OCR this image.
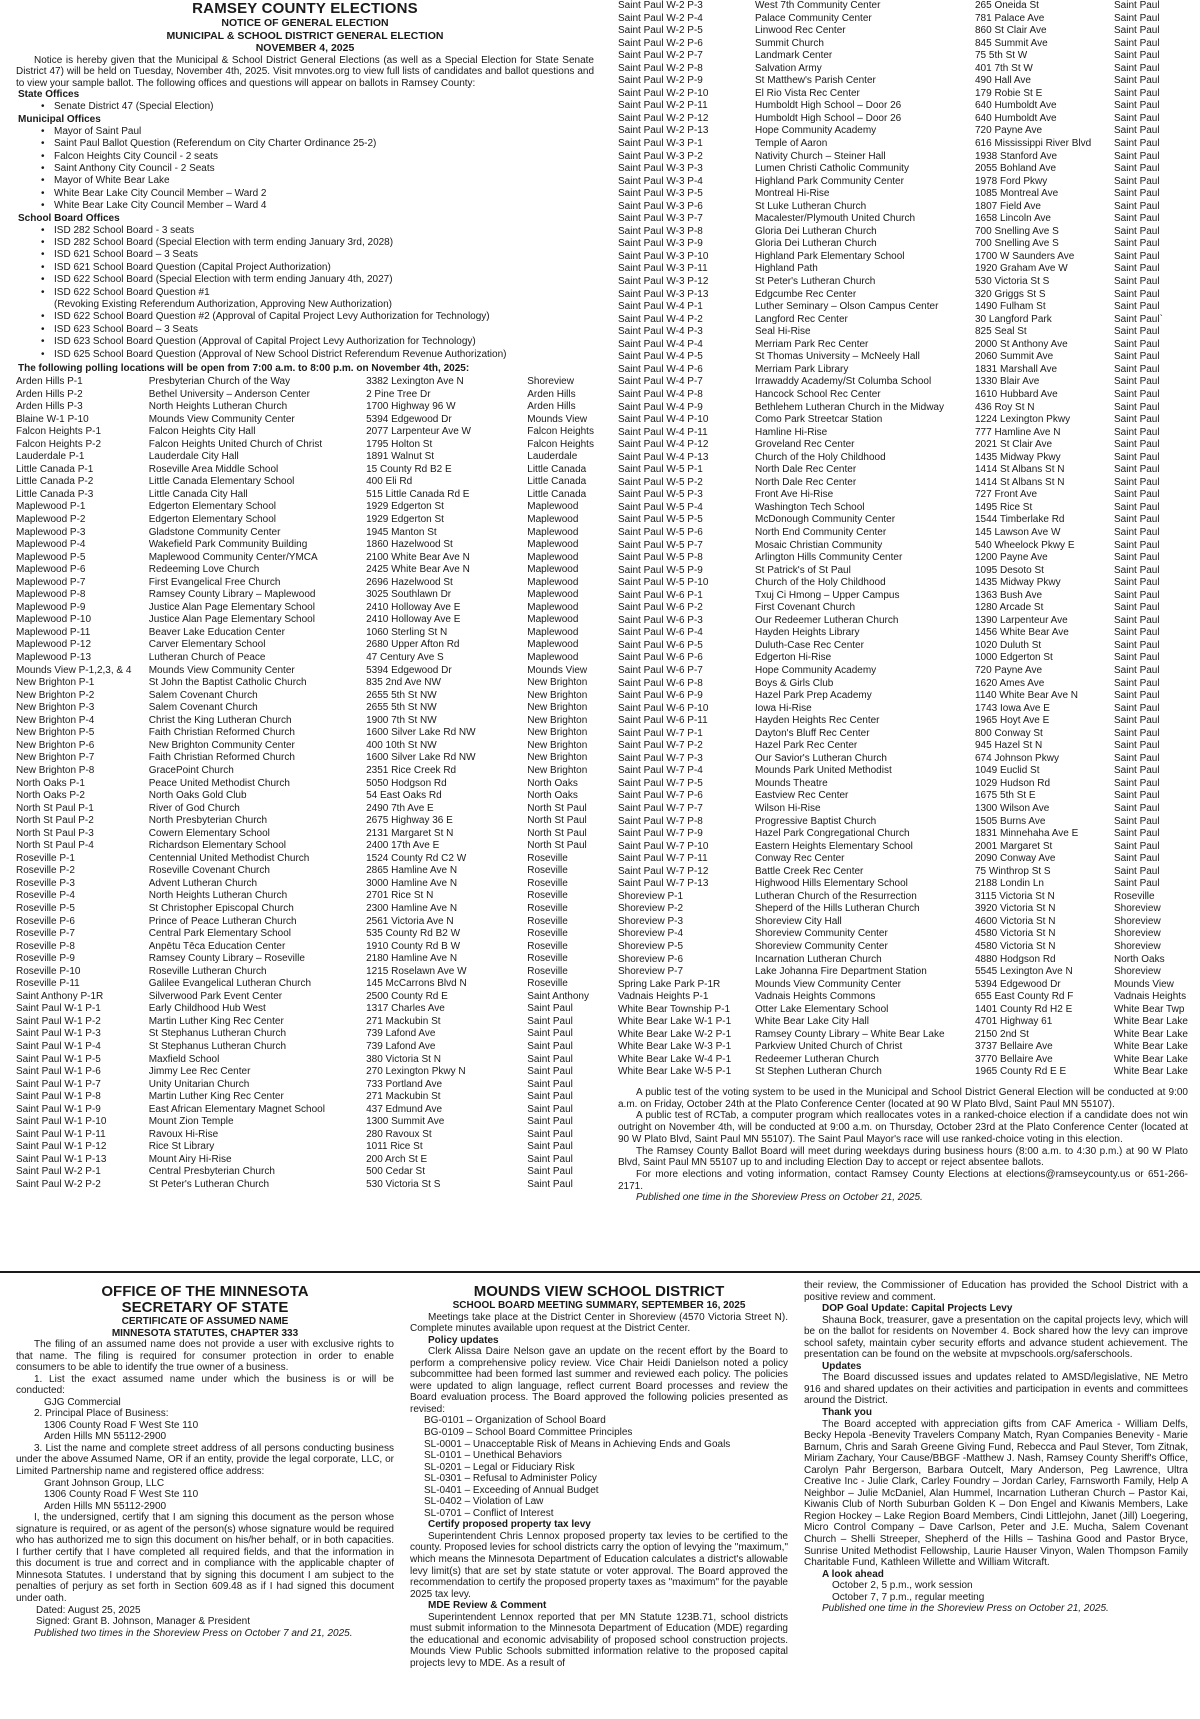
RAMSEY COUNTY ELECTIONS
NOTICE OF GENERAL ELECTION
MUNICIPAL & SCHOOL DISTRICT GENERAL ELECTION
NOVEMBER 4, 2025

Notice is hereby given that the Municipal & School District General Elections (as well as a Special Election for State Senate District 47) will be held on Tuesday, November 4th, 2025. Visit mnvotes.org to view full lists of candidates and ballot questions and to view your sample ballot. The following offices and questions will appear on ballots in Ramsey County:

State Offices
• Senate District 47 (Special Election)
Municipal Offices
• Mayor of Saint Paul
• Saint Paul Ballot Question (Referendum on City Charter Ordinance 25-2)
• Falcon Heights City Council - 2 seats
• Saint Anthony City Council - 2 Seats
• Mayor of White Bear Lake
• White Bear Lake City Council Member – Ward 2
• White Bear Lake City Council Member – Ward 4
School Board Offices
• ISD 282 School Board - 3 seats
• ISD 282 School Board (Special Election with term ending January 3rd, 2028)
• ISD 621 School Board – 3 Seats
• ISD 621 School Board Question (Capital Project Authorization)
• ISD 622 School Board (Special Election with term ending January 4th, 2027)
• ISD 622 School Board Question #1
(Revoking Existing Referendum Authorization, Approving New Authorization)
• ISD 622 School Board Question #2 (Approval of Capital Project Levy Authorization for Technology)
• ISD 623 School Board – 3 Seats
• ISD 623 School Board Question (Approval of Capital Project Levy Authorization for Technology)
• ISD 625 School Board Question (Approval of New School District Referendum Revenue Authorization)
The following polling locations will be open from 7:00 a.m. to 8:00 p.m. on November 4th, 2025:
Arden Hills P-1	Presbyterian Church of the Way	3382 Lexington Ave N	Shoreview
Arden Hills P-2	Bethel University – Anderson Center	2 Pine Tree Dr	Arden Hills
Arden Hills P-3	North Heights Lutheran Church	1700 Highway 96 W	Arden Hills
Blaine W-1 P-10	Mounds View Community Center	5394 Edgewood Dr	Mounds View
Falcon Heights P-1	Falcon Heights City Hall	2077 Larpenteur Ave W	Falcon Heights
Falcon Heights P-2	Falcon Heights United Church of Christ	1795 Holton St	Falcon Heights
Lauderdale P-1	Lauderdale City Hall	1891 Walnut St	Lauderdale
Little Canada P-1	Roseville Area Middle School	15 County Rd B2 E	Little Canada
Little Canada P-2	Little Canada Elementary School	400 Eli Rd	Little Canada
Little Canada P-3	Little Canada City Hall	515 Little Canada Rd E	Little Canada
Maplewood P-1	Edgerton Elementary School	1929 Edgerton St	Maplewood
Maplewood P-2	Edgerton Elementary School	1929 Edgerton St	Maplewood
Maplewood P-3	Gladstone Community Center	1945 Manton St	Maplewood
Maplewood P-4	Wakefield Park Community Building	1860 Hazelwood St	Maplewood
Maplewood P-5	Maplewood Community Center/YMCA	2100 White Bear Ave N	Maplewood
Maplewood P-6	Redeeming Love Church	2425 White Bear Ave N	Maplewood
Maplewood P-7	First Evangelical Free Church	2696 Hazelwood St	Maplewood
Maplewood P-8	Ramsey County Library – Maplewood	3025 Southlawn Dr	Maplewood
Maplewood P-9	Justice Alan Page Elementary School	2410 Holloway Ave E	Maplewood
Maplewood P-10	Justice Alan Page Elementary School	2410 Holloway Ave E	Maplewood
Maplewood P-11	Beaver Lake Education Center	1060 Sterling St N	Maplewood
Maplewood P-12	Carver Elementary School	2680 Upper Afton Rd	Maplewood
Maplewood P-13	Lutheran Church of Peace	47 Century Ave S	Maplewood
Mounds View P-1,2,3, & 4	Mounds View Community Center	5394 Edgewood Dr	Mounds View
New Brighton P-1	St John the Baptist Catholic Church	835 2nd Ave NW	New Brighton
New Brighton P-2	Salem Covenant Church	2655 5th St NW	New Brighton
New Brighton P-3	Salem Covenant Church	2655 5th St NW	New Brighton
New Brighton P-4	Christ the King Lutheran Church	1900 7th St NW	New Brighton
New Brighton P-5	Faith Christian Reformed Church	1600 Silver Lake Rd NW	New Brighton
New Brighton P-6	New Brighton Community Center	400 10th St NW	New Brighton
New Brighton P-7	Faith Christian Reformed Church	1600 Silver Lake Rd NW	New Brighton
New Brighton P-8	GracePoint Church	2351 Rice Creek Rd	New Brighton
North Oaks P-1	Peace United Methodist Church	5050 Hodgson Rd	North Oaks
North Oaks P-2	North Oaks Gold Club	54 East Oaks Rd	North Oaks
North St Paul P-1	River of God Church	2490 7th Ave E	North St Paul
North St Paul P-2	North Presbyterian Church	2675 Highway 36 E	North St Paul
North St Paul P-3	Cowern Elementary School	2131 Margaret St N	North St Paul
North St Paul P-4	Richardson Elementary School	2400 17th Ave E	North St Paul
Roseville P-1	Centennial United Methodist Church	1524 County Rd C2 W	Roseville
Roseville P-2	Roseville Covenant Church	2865 Hamline Ave N	Roseville
Roseville P-3	Advent Lutheran Church	3000 Hamline Ave N	Roseville
Roseville P-4	North Heights Lutheran Church	2701 Rice St N	Roseville
Roseville P-5	St Christopher Episcopal Church	2300 Hamline Ave N	Roseville
Roseville P-6	Prince of Peace Lutheran Church	2561 Victoria Ave N	Roseville
Roseville P-7	Central Park Elementary School	535 County Rd B2 W	Roseville
Roseville P-8	Anpētu Tēca Education Center	1910 County Rd B W	Roseville
Roseville P-9	Ramsey County Library – Roseville	2180 Hamline Ave N	Roseville
Roseville P-10	Roseville Lutheran Church	1215 Roselawn Ave W	Roseville
Roseville P-11	Galilee Evangelical Lutheran Church	145 McCarrons Blvd N	Roseville
Saint Anthony P-1R	Silverwood Park Event Center	2500 County Rd E	Saint Anthony
Saint Paul W-1 P-1	Early Childhood Hub West	1317 Charles Ave	Saint Paul
Saint Paul W-1 P-2	Martin Luther King Rec Center	271 Mackubin St	Saint Paul
Saint Paul W-1 P-3	St Stephanus Lutheran Church	739 Lafond Ave	Saint Paul
Saint Paul W-1 P-4	St Stephanus Lutheran Church	739 Lafond Ave	Saint Paul
Saint Paul W-1 P-5	Maxfield School	380 Victoria St N	Saint Paul
Saint Paul W-1 P-6	Jimmy Lee Rec Center	270 Lexington Pkwy N	Saint Paul
Saint Paul W-1 P-7	Unity Unitarian Church	733 Portland Ave	Saint Paul
Saint Paul W-1 P-8	Martin Luther King Rec Center	271 Mackubin St	Saint Paul
Saint Paul W-1 P-9	East African Elementary Magnet School	437 Edmund Ave	Saint Paul
Saint Paul W-1 P-10	Mount Zion Temple	1300 Summit Ave	Saint Paul
Saint Paul W-1 P-11	Ravoux Hi-Rise	280 Ravoux St	Saint Paul
Saint Paul W-1 P-12	Rice St Library	1011 Rice St	Saint Paul
Saint Paul W-1 P-13	Mount Airy Hi-Rise	200 Arch St E	Saint Paul
Saint Paul W-2 P-1	Central Presbyterian Church	500 Cedar St	Saint Paul
Saint Paul W-2 P-2	St Peter's Lutheran Church	530 Victoria St S	Saint Paul
Saint Paul W-2 P-3	West 7th Community Center	265 Oneida St	Saint Paul
Saint Paul W-2 P-4	Palace Community Center	781 Palace Ave	Saint Paul
Saint Paul W-2 P-5	Linwood Rec Center	860 St Clair Ave	Saint Paul
Saint Paul W-2 P-6	Summit Church	845 Summit Ave	Saint Paul
Saint Paul W-2 P-7	Landmark Center	75 5th St W	Saint Paul
Saint Paul W-2 P-8	Salvation Army	401 7th St W	Saint Paul
Saint Paul W-2 P-9	St Matthew's Parish Center	490 Hall Ave	Saint Paul
Saint Paul W-2 P-10	El Rio Vista Rec Center	179 Robie St E	Saint Paul
Saint Paul W-2 P-11	Humboldt High School – Door 26	640 Humboldt Ave	Saint Paul
Saint Paul W-2 P-12	Humboldt High School – Door 26	640 Humboldt Ave	Saint Paul
Saint Paul W-2 P-13	Hope Community Academy	720 Payne Ave	Saint Paul
Saint Paul W-3 P-1	Temple of Aaron	616 Mississippi River Blvd	Saint Paul
Saint Paul W-3 P-2	Nativity Church – Steiner Hall	1938 Stanford Ave	Saint Paul
Saint Paul W-3 P-3	Lumen Christi Catholic Community	2055 Bohland Ave	Saint Paul
Saint Paul W-3 P-4	Highland Park Community Center	1978 Ford Pkwy	Saint Paul
Saint Paul W-3 P-5	Montreal Hi-Rise	1085 Montreal Ave	Saint Paul
Saint Paul W-3 P-6	St Luke Lutheran Church	1807 Field Ave	Saint Paul
Saint Paul W-3 P-7	Macalester/Plymouth United Church	1658 Lincoln Ave	Saint Paul
Saint Paul W-3 P-8	Gloria Dei Lutheran Church	700 Snelling Ave S	Saint Paul
Saint Paul W-3 P-9	Gloria Dei Lutheran Church	700 Snelling Ave S	Saint Paul
Saint Paul W-3 P-10	Highland Park Elementary School	1700 W Saunders Ave	Saint Paul
Saint Paul W-3 P-11	Highland Path	1920 Graham Ave W	Saint Paul
Saint Paul W-3 P-12	St Peter's Lutheran Church	530 Victoria St S	Saint Paul
Saint Paul W-3 P-13	Edgcumbe Rec Center	320 Griggs St S	Saint Paul
Saint Paul W-4 P-1	Luther Seminary – Olson Campus Center	1490 Fulham St	Saint Paul
Saint Paul W-4 P-2	Langford Rec Center	30 Langford Park	Saint Paul`
Saint Paul W-4 P-3	Seal Hi-Rise	825 Seal St	Saint Paul
Saint Paul W-4 P-4	Merriam Park Rec Center	2000 St Anthony Ave	Saint Paul
Saint Paul W-4 P-5	St Thomas University – McNeely Hall	2060 Summit Ave	Saint Paul
Saint Paul W-4 P-6	Merriam Park Library	1831 Marshall Ave	Saint Paul
Saint Paul W-4 P-7	Irrawaddy Academy/St Columba School	1330 Blair Ave	Saint Paul
Saint Paul W-4 P-8	Hancock School Rec Center	1610 Hubbard Ave	Saint Paul
Saint Paul W-4 P-9	Bethlehem Lutheran Church in the Midway	436 Roy St N	Saint Paul
Saint Paul W-4 P-10	Como Park Streetcar Station	1224 Lexington Pkwy	Saint Paul
Saint Paul W-4 P-11	Hamline Hi-Rise	777 Hamline Ave N	Saint Paul
Saint Paul W-4 P-12	Groveland Rec Center	2021 St Clair Ave	Saint Paul
Saint Paul W-4 P-13	Church of the Holy Childhood	1435 Midway Pkwy	Saint Paul
Saint Paul W-5 P-1	North Dale Rec Center	1414 St Albans St N	Saint Paul
Saint Paul W-5 P-2	North Dale Rec Center	1414 St Albans St N	Saint Paul
Saint Paul W-5 P-3	Front Ave Hi-Rise	727 Front Ave	Saint Paul
Saint Paul W-5 P-4	Washington Tech School	1495 Rice St	Saint Paul
Saint Paul W-5 P-5	McDonough Community Center	1544 Timberlake Rd	Saint Paul
Saint Paul W-5 P-6	North End Community Center	145 Lawson Ave W	Saint Paul
Saint Paul W-5 P-7	Mosaic Christian Community	540 Wheelock Pkwy E	Saint Paul
Saint Paul W-5 P-8	Arlington Hills Community Center	1200 Payne Ave	Saint Paul
Saint Paul W-5 P-9	St Patrick's of St Paul	1095 Desoto St	Saint Paul
Saint Paul W-5 P-10	Church of the Holy Childhood	1435 Midway Pkwy	Saint Paul
Saint Paul W-6 P-1	Txuj Ci Hmong – Upper Campus	1363 Bush Ave	Saint Paul
Saint Paul W-6 P-2	First Covenant Church	1280 Arcade St	Saint Paul
Saint Paul W-6 P-3	Our Redeemer Lutheran Church	1390 Larpenteur Ave	Saint Paul
Saint Paul W-6 P-4	Hayden Heights Library	1456 White Bear Ave	Saint Paul
Saint Paul W-6 P-5	Duluth-Case Rec Center	1020 Duluth St	Saint Paul
Saint Paul W-6 P-6	Edgerton Hi-Rise	1000 Edgerton St	Saint Paul
Saint Paul W-6 P-7	Hope Community Academy	720 Payne Ave	Saint Paul
Saint Paul W-6 P-8	Boys & Girls Club	1620 Ames Ave	Saint Paul
Saint Paul W-6 P-9	Hazel Park Prep Academy	1140 White Bear Ave N	Saint Paul
Saint Paul W-6 P-10	Iowa Hi-Rise	1743 Iowa Ave E	Saint Paul
Saint Paul W-6 P-11	Hayden Heights Rec Center	1965 Hoyt Ave E	Saint Paul
Saint Paul W-7 P-1	Dayton's Bluff Rec Center	800 Conway St	Saint Paul
Saint Paul W-7 P-2	Hazel Park Rec Center	945 Hazel St N	Saint Paul
Saint Paul W-7 P-3	Our Savior's Lutheran Church	674 Johnson Pkwy	Saint Paul
Saint Paul W-7 P-4	Mounds Park United Methodist	1049 Euclid St	Saint Paul
Saint Paul W-7 P-5	Mounds Theatre	1029 Hudson Rd	Saint Paul
Saint Paul W-7 P-6	Eastview Rec Center	1675 5th St E	Saint Paul
Saint Paul W-7 P-7	Wilson Hi-Rise	1300 Wilson Ave	Saint Paul
Saint Paul W-7 P-8	Progressive Baptist Church	1505 Burns Ave	Saint Paul
Saint Paul W-7 P-9	Hazel Park Congregational Church	1831 Minnehaha Ave E	Saint Paul
Saint Paul W-7 P-10	Eastern Heights Elementary School	2001 Margaret St	Saint Paul
Saint Paul W-7 P-11	Conway Rec Center	2090 Conway Ave	Saint Paul
Saint Paul W-7 P-12	Battle Creek Rec Center	75 Winthrop St S	Saint Paul
Saint Paul W-7 P-13	Highwood Hills Elementary School	2188 Londin Ln	Saint Paul
Shoreview P-1	Lutheran Church of the Resurrection	3115 Victoria St N	Roseville
Shoreview P-2	Sheperd of the Hills Lutheran Church	3920 Victoria St N	Shoreview
Shoreview P-3	Shoreview City Hall	4600 Victoria St N	Shoreview
Shoreview P-4	Shoreview Community Center	4580 Victoria St N	Shoreview
Shoreview P-5	Shoreview Community Center	4580 Victoria St N	Shoreview
Shoreview P-6	Incarnation Lutheran Church	4880 Hodgson Rd	North Oaks
Shoreview P-7	Lake Johanna Fire Department Station	5545 Lexington Ave N	Shoreview
Spring Lake Park P-1R	Mounds View Community Center	5394 Edgewood Dr	Mounds View
Vadnais Heights P-1	Vadnais Heights Commons	655 East County Rd F	Vadnais Heights
White Bear Township P-1	Otter Lake Elementary School	1401 County Rd H2 E	White Bear Twp
White Bear Lake W-1 P-1	White Bear Lake City Hall	4701 Highway 61	White Bear Lake
White Bear Lake W-2 P-1	Ramsey County Library – White Bear Lake	2150 2nd St	White Bear Lake
White Bear Lake W-3 P-1	Parkview United Church of Christ	3737 Bellaire Ave	White Bear Lake
White Bear Lake W-4 P-1	Redeemer Lutheran Church	3770 Bellaire Ave	White Bear Lake
White Bear Lake W-5 P-1	St Stephen Lutheran Church	1965 County Rd E E	White Bear Lake

A public test of the voting system to be used in the Municipal and School District General Election will be conducted at 9:00 a.m. on Friday, October 24th at the Plato Conference Center (located at 90 W Plato Blvd, Saint Paul MN 55107).

A public test of RCTab, a computer program which reallocates votes in a ranked-choice election if a candidate does not win outright on November 4th, will be conducted at 9:00 a.m. on Thursday, October 23rd at the Plato Conference Center (located at 90 W Plato Blvd, Saint Paul MN 55107). The Saint Paul Mayor's race will use ranked-choice voting in this election.

The Ramsey County Ballot Board will meet during weekdays during business hours (8:00 a.m. to 4:30 p.m.) at 90 W Plato Blvd, Saint Paul MN 55107 up to and including Election Day to accept or reject absentee ballots.

For more elections and voting information, contact Ramsey County Elections at elections@ramseycounty.us or 651-266-2171.

Published one time in the Shoreview Press on October 21, 2025.

OFFICE OF THE MINNESOTA
SECRETARY OF STATE
CERTIFICATE OF ASSUMED NAME
MINNESOTA STATUTES, CHAPTER 333

The filing of an assumed name does not provide a user with exclusive rights to that name. The filing is required for consumer protection in order to enable consumers to be able to identify the true owner of a business.

1. List the exact assumed name under which the business is or will be conducted:

GJG Commercial

2. Principal Place of Business:

1306 County Road F West Ste 110

Arden Hills MN 55112-2900

3. List the name and complete street address of all persons conducting business under the above Assumed Name, OR if an entity, provide the legal corporate, LLC, or Limited Partnership name and registered office address:

Grant Johnson Group, LLC

1306 County Road F West Ste 110

Arden Hills MN 55112-2900

I, the undersigned, certify that I am signing this document as the person whose signature is required, or as agent of the person(s) whose signature would be required who has authorized me to sign this document on his/her behalf, or in both capacities. I further certify that I have completed all required fields, and that the information in this document is true and correct and in compliance with the applicable chapter of Minnesota Statutes. I understand that by signing this document I am subject to the penalties of perjury as set forth in Section 609.48 as if I had signed this document under oath.

Dated: August 25, 2025

Signed: Grant B. Johnson, Manager & President

Published two times in the Shoreview Press on October 7 and 21, 2025.

MOUNDS VIEW SCHOOL DISTRICT
SCHOOL BOARD MEETING SUMMARY, SEPTEMBER 16, 2025

Meetings take place at the District Center in Shoreview (4570 Victoria Street N). Complete minutes available upon request at the District Center.

Policy updates

Clerk Alissa Daire Nelson gave an update on the recent effort by the Board to perform a comprehensive policy review. Vice Chair Heidi Danielson noted a policy subcommittee had been formed last summer and reviewed each policy. The policies were updated to align language, reflect current Board processes and review the Board evaluation process. The Board approved the following policies presented as revised:

BG-0101 – Organization of School Board

BG-0109 – School Board Committee Principles

SL-0001 – Unacceptable Risk of Means in Achieving Ends and Goals

SL-0101 – Unethical Behaviors

SL-0201 – Legal or Fiduciary Risk

SL-0301 – Refusal to Administer Policy

SL-0401 – Exceeding of Annual Budget

SL-0402 – Violation of Law

SL-0701 – Conflict of Interest

Certify proposed property tax levy

Superintendent Chris Lennox proposed property tax levies to be certified to the county. Proposed levies for school districts carry the option of levying the "maximum," which means the Minnesota Department of Education calculates a district's allowable levy limit(s) that are set by state statute or voter approval. The Board approved the recommendation to certify the proposed property taxes as "maximum" for the payable 2025 tax levy.

MDE Review & Comment

Superintendent Lennox reported that per MN Statute 123B.71, school districts must submit information to the Minnesota Department of Education (MDE) regarding the educational and economic advisability of proposed school construction projects. Mounds View Public Schools submitted information relative to the proposed capital projects levy to MDE. As a result of

their review, the Commissioner of Education has provided the School District with a positive review and comment.

DOP Goal Update: Capital Projects Levy

Shauna Bock, treasurer, gave a presentation on the capital projects levy, which will be on the ballot for residents on November 4. Bock shared how the levy can improve school safety, maintain cyber security efforts and advance student achievement. The presentation can be found on the website at mvpschools.org/saferschools.

Updates

The Board discussed issues and updates related to AMSD/legislative, NE Metro 916 and shared updates on their activities and participation in events and committees around the District.

Thank you

The Board accepted with appreciation gifts from CAF America - William Delfs, Becky Hepola -Benevity Travelers Company Match, Ryan Companies Benevity - Marie Barnum, Chris and Sarah Greene Giving Fund, Rebecca and Paul Stever, Tom Zitnak, Miriam Zachary, Your Cause/BBGF -Matthew J. Nash, Ramsey County Sheriff's Office, Carolyn Pahr Bergerson, Barbara Outcelt, Mary Anderson, Peg Lawrence, Ultra Creative Inc - Julie Clark, Carley Foundry – Jordan Carley, Farnsworth Family, Help A Neighbor – Julie McDaniel, Alan Hummel, Incarnation Lutheran Church – Pastor Kai, Kiwanis Club of North Suburban Golden K – Don Engel and Kiwanis Members, Lake Region Hockey – Lake Region Board Members, Cindi Littlejohn, Janet (Jill) Loegering, Micro Control Company – Dave Carlson, Peter and J.E. Mucha, Salem Covenant Church – Shelli Streeper, Shepherd of the Hills – Tashina Good and Pastor Bryce, Sunrise United Methodist Fellowship, Laurie Hauser Vinyon, Walen Thompson Family Charitable Fund, Kathleen Willette and William Witcraft.

A look ahead

October 2, 5 p.m., work session

October 7, 7 p.m., regular meeting

Published one time in the Shoreview Press on October 21, 2025.
